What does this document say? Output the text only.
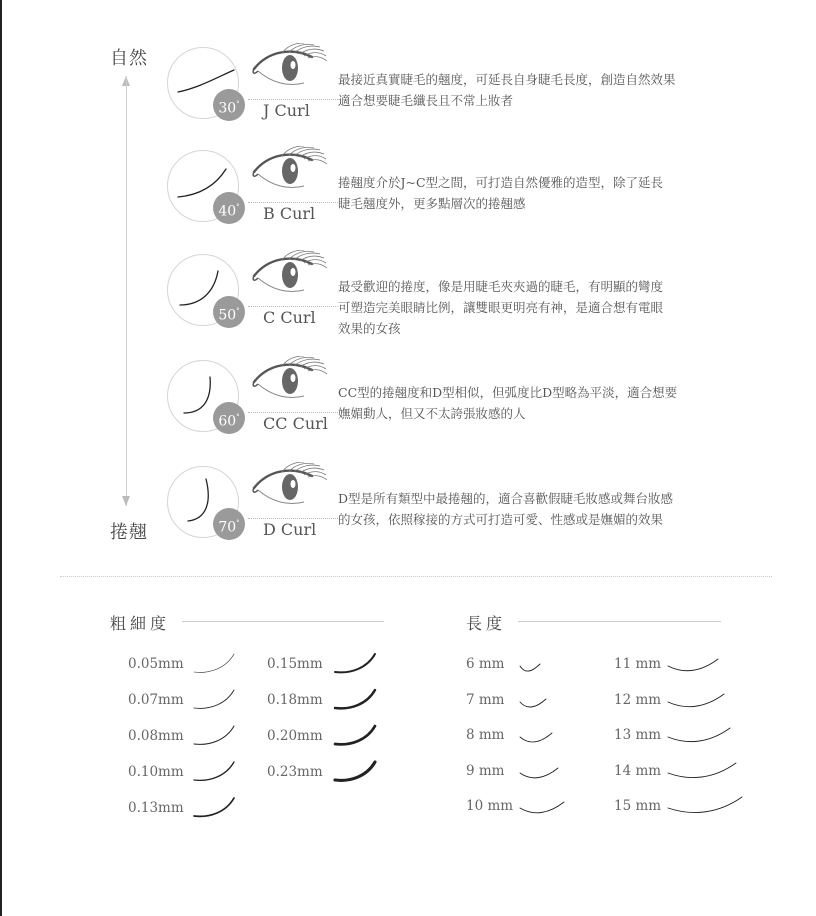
自然
捲翹
30°	J Curl
最接近真實睫毛的翹度，可延長自身睫毛長度，創造自然效果
適合想要睫毛纖長且不常上妝者
40°	B Curl
捲翹度介於J~C型之間，可打造自然優雅的造型，除了延長
睫毛翹度外，更多點層次的捲翹感
50°	C Curl
最受歡迎的捲度，像是用睫毛夾夾過的睫毛，有明顯的彎度
可塑造完美眼睛比例，讓雙眼更明亮有神，是適合想有電眼
效果的女孩
60°	CC Curl
CC型的捲翹度和D型相似，但弧度比D型略為平淡，適合想要
嫵媚動人，但又不太誇張妝感的人
70°	D Curl
D型是所有類型中最捲翹的，適合喜歡假睫毛妝感或舞台妝感
的女孩，依照稼接的方式可打造可愛、性感或是嫵媚的效果
粗細度
0.05mm
0.07mm
0.08mm
0.10mm
0.13mm
0.15mm
0.18mm
0.20mm
0.23mm
長度
6 mm
7 mm
8 mm
9 mm
10 mm
11 mm
12 mm
13 mm
14 mm
15 mm
